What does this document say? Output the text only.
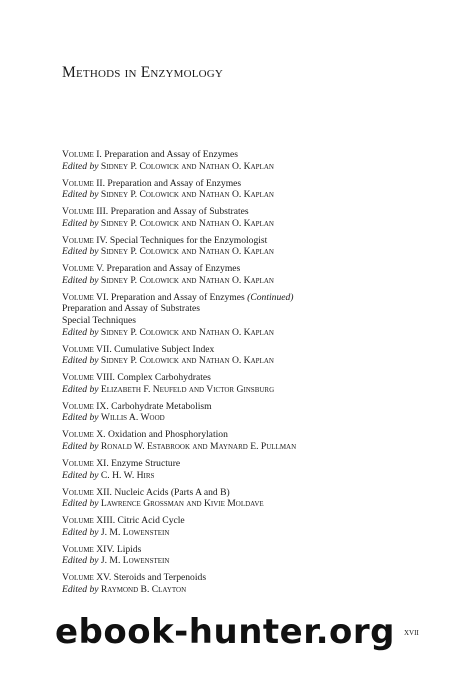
Methods in Enzymology
Volume I. Preparation and Assay of Enzymes
Edited by Sidney P. Colowick and Nathan O. Kaplan
Volume II. Preparation and Assay of Enzymes
Edited by Sidney P. Colowick and Nathan O. Kaplan
Volume III. Preparation and Assay of Substrates
Edited by Sidney P. Colowick and Nathan O. Kaplan
Volume IV. Special Techniques for the Enzymologist
Edited by Sidney P. Colowick and Nathan O. Kaplan
Volume V. Preparation and Assay of Enzymes
Edited by Sidney P. Colowick and Nathan O. Kaplan
Volume VI. Preparation and Assay of Enzymes (Continued)
Preparation and Assay of Substrates
Special Techniques
Edited by Sidney P. Colowick and Nathan O. Kaplan
Volume VII. Cumulative Subject Index
Edited by Sidney P. Colowick and Nathan O. Kaplan
Volume VIII. Complex Carbohydrates
Edited by Elizabeth F. Neufeld and Victor Ginsburg
Volume IX. Carbohydrate Metabolism
Edited by Willis A. Wood
Volume X. Oxidation and Phosphorylation
Edited by Ronald W. Estabrook and Maynard E. Pullman
Volume XI. Enzyme Structure
Edited by C. H. W. Hirs
Volume XII. Nucleic Acids (Parts A and B)
Edited by Lawrence Grossman and Kivie Moldave
Volume XIII. Citric Acid Cycle
Edited by J. M. Lowenstein
Volume XIV. Lipids
Edited by J. M. Lowenstein
Volume XV. Steroids and Terpenoids
Edited by Raymond B. Clayton
xvii
ebook-hunter.org
